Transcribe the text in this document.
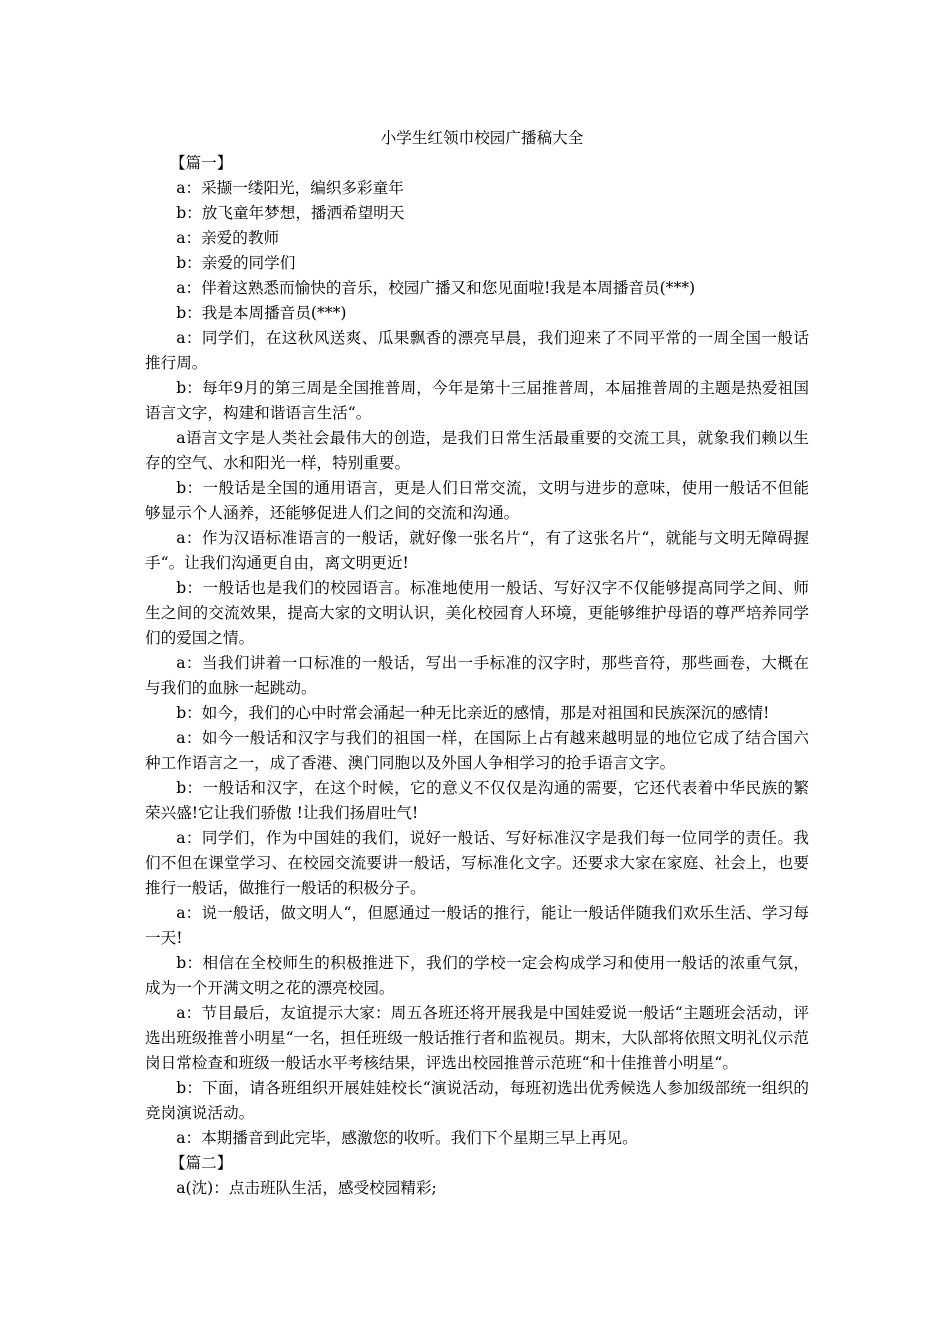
小学生红领巾校园广播稿大全

【篇一】

a：采撷一缕阳光，编织多彩童年

b：放飞童年梦想，播洒希望明天

a：亲爱的教师

b：亲爱的同学们

a：伴着这熟悉而愉快的音乐，校园广播又和您见面啦!我是本周播音员(***)

b：我是本周播音员(***)

a：同学们，在这秋风送爽、瓜果飘香的漂亮早晨，我们迎来了不同平常的一周全国一般话推行周。

b：每年9月的第三周是全国推普周，今年是第十三届推普周，本届推普周的主题是热爱祖国语言文字，构建和谐语言生活“。

a语言文字是人类社会最伟大的创造，是我们日常生活最重要的交流工具，就象我们赖以生存的空气、水和阳光一样，特别重要。

b：一般话是全国的通用语言，更是人们日常交流，文明与进步的意味，使用一般话不但能够显示个人涵养，还能够促进人们之间的交流和沟通。

a：作为汉语标准语言的一般话，就好像一张名片“，有了这张名片“，就能与文明无障碍握手“。让我们沟通更自由，离文明更近!

b：一般话也是我们的校园语言。标准地使用一般话、写好汉字不仅能够提高同学之间、师生之间的交流效果，提高大家的文明认识，美化校园育人环境，更能够维护母语的尊严培养同学们的爱国之情。

a：当我们讲着一口标准的一般话，写出一手标准的汉字时，那些音符，那些画卷，大概在与我们的血脉一起跳动。

b：如今，我们的心中时常会涌起一种无比亲近的感情，那是对祖国和民族深沉的感情!

a：如今一般话和汉字与我们的祖国一样，在国际上占有越来越明显的地位它成了结合国六种工作语言之一，成了香港、澳门同胞以及外国人争相学习的抢手语言文字。

b：一般话和汉字，在这个时候，它的意义不仅仅是沟通的需要，它还代表着中华民族的繁荣兴盛!它让我们骄傲 !让我们扬眉吐气!

a：同学们，作为中国娃的我们，说好一般话、写好标准汉字是我们每一位同学的责任。我们不但在课堂学习、在校园交流要讲一般话，写标准化文字。还要求大家在家庭、社会上，也要推行一般话，做推行一般话的积极分子。

a：说一般话，做文明人“，但愿通过一般话的推行，能让一般话伴随我们欢乐生活、学习每一天!

b：相信在全校师生的积极推进下，我们的学校一定会构成学习和使用一般话的浓重气氛，成为一个开满文明之花的漂亮校园。

a：节目最后，友谊提示大家：周五各班还将开展我是中国娃爱说一般话“主题班会活动，评选出班级推普小明星“一名，担任班级一般话推行者和监视员。期末，大队部将依照文明礼仪示范岗日常检查和班级一般话水平考核结果，评选出校园推普示范班“和十佳推普小明星“。

b：下面，请各班组织开展娃娃校长“演说活动，每班初选出优秀候选人参加级部统一组织的竞岗演说活动。

a：本期播音到此完毕，感激您的收听。我们下个星期三早上再见。

【篇二】

a(沈)：点击班队生活，感受校园精彩;
